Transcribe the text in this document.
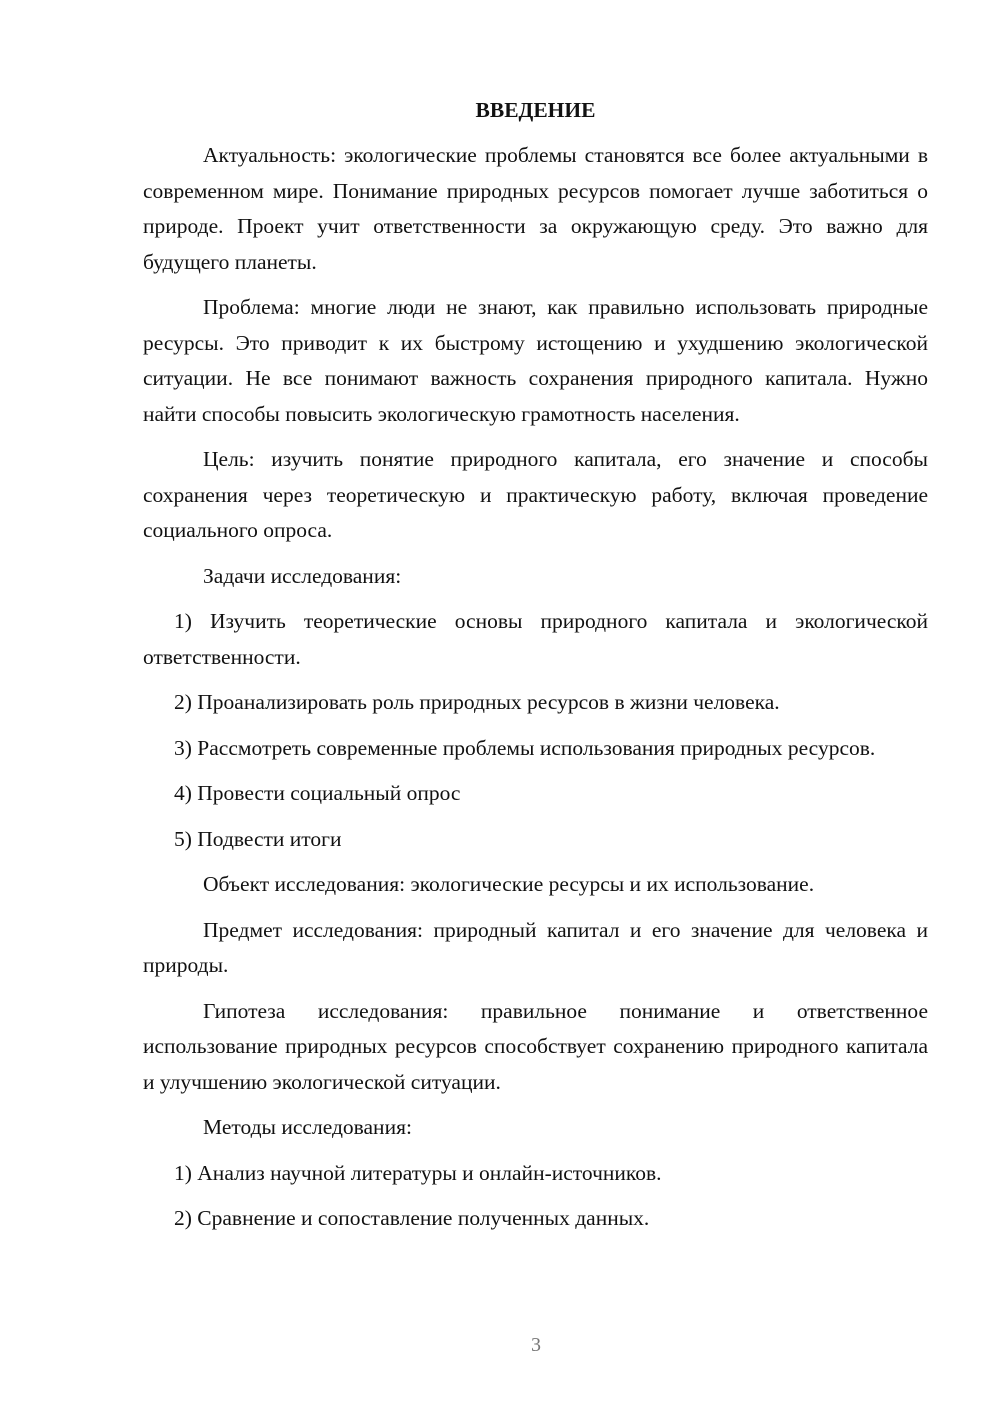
ВВЕДЕНИЕ

Актуальность: экологические проблемы становятся все более актуальными в современном мире. Понимание природных ресурсов помогает лучше заботиться о природе. Проект учит ответственности за окружающую среду. Это важно для будущего планеты.

Проблема: многие люди не знают, как правильно использовать природные ресурсы. Это приводит к их быстрому истощению и ухудшению экологической ситуации. Не все понимают важность сохранения природного капитала. Нужно найти способы повысить экологическую грамотность населения.

Цель: изучить понятие природного капитала, его значение и способы сохранения через теоретическую и практическую работу, включая проведение социального опроса.

Задачи исследования:

1) Изучить теоретические основы природного капитала и экологической ответственности.

2) Проанализировать роль природных ресурсов в жизни человека.

3) Рассмотреть современные проблемы использования природных ресурсов.

4) Провести социальный опрос

5) Подвести итоги

Объект исследования: экологические ресурсы и их использование.

Предмет исследования: природный капитал и его значение для человека и природы.

Гипотеза исследования: правильное понимание и ответственное использование природных ресурсов способствует сохранению природного капитала и улучшению экологической ситуации.

Методы исследования:

1) Анализ научной литературы и онлайн-источников.

2) Сравнение и сопоставление полученных данных.

3
